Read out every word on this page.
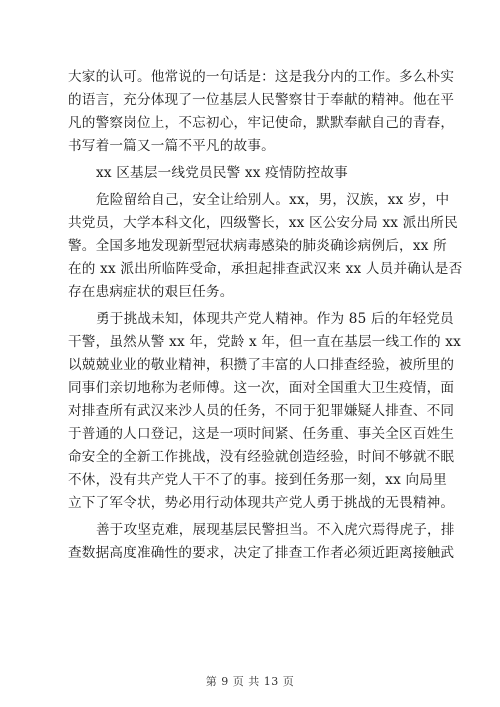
大家的认可。他常说的一句话是：这是我分内的工作。多么朴实
的语言，充分体现了一位基层人民警察甘于奉献的精神。他在平
凡的警察岗位上，不忘初心，牢记使命，默默奉献自己的青春，
书写着一篇又一篇不平凡的故事。
xx 区基层一线党员民警 xx 疫情防控故事
危险留给自己，安全让给别人。xx，男，汉族，xx 岁，中
共党员，大学本科文化，四级警长，xx 区公安分局 xx 派出所民
警。全国多地发现新型冠状病毒感染的肺炎确诊病例后，xx 所
在的 xx 派出所临阵受命，承担起排查武汉来 xx 人员并确认是否
存在患病症状的艰巨任务。
勇于挑战未知，体现共产党人精神。作为 85 后的年轻党员
干警，虽然从警 xx 年，党龄 x 年，但一直在基层一线工作的 xx
以兢兢业业的敬业精神，积攒了丰富的人口排查经验，被所里的
同事们亲切地称为老师傅。这一次，面对全国重大卫生疫情，面
对排查所有武汉来沙人员的任务，不同于犯罪嫌疑人排查、不同
于普通的人口登记，这是一项时间紧、任务重、事关全区百姓生
命安全的全新工作挑战，没有经验就创造经验，时间不够就不眠
不休，没有共产党人干不了的事。接到任务那一刻，xx 向局里
立下了军令状，势必用行动体现共产党人勇于挑战的无畏精神。
善于攻坚克难，展现基层民警担当。不入虎穴焉得虎子，排
查数据高度准确性的要求，决定了排查工作者必须近距离接触武
第 9 页 共 13 页
